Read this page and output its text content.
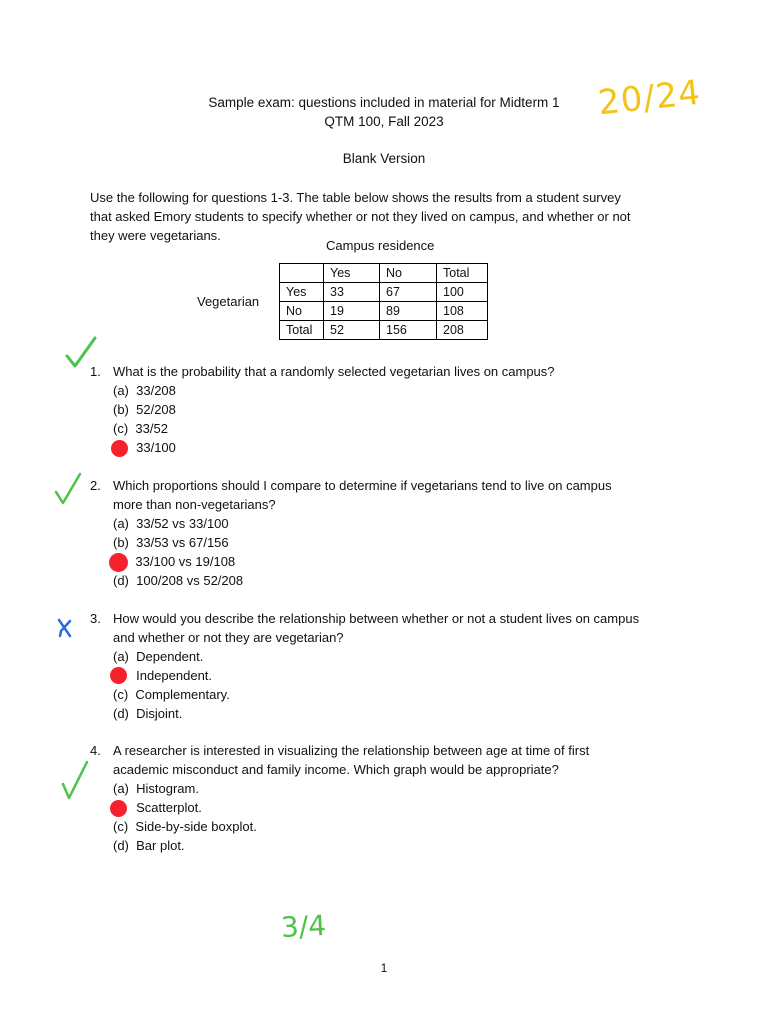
Sample exam: questions included in material for Midterm 1
QTM 100, Fall 2023
Blank Version
20/24
Use the following for questions 1-3. The table below shows the results from a student survey
that asked Emory students to specify whether or not they lived on campus, and whether or not
they were vegetarians.
Campus residence
Vegetarian
	Yes	No	Total
Yes	33	67	100
No	19	89	108
Total	52	156	208
1. What is the probability that a randomly selected vegetarian lives on campus?
(a) 33/208
(b) 52/208
(c) 33/52
33/100
2. Which proportions should I compare to determine if vegetarians tend to live on campus
more than non-vegetarians?
(a) 33/52 vs 33/100
(b) 33/53 vs 67/156
33/100 vs 19/108
(d) 100/208 vs 52/208
3. How would you describe the relationship between whether or not a student lives on campus
and whether or not they are vegetarian?
(a) Dependent.
Independent.
(c) Complementary.
(d) Disjoint.
4. A researcher is interested in visualizing the relationship between age at time of first
academic misconduct and family income. Which graph would be appropriate?
(a) Histogram.
Scatterplot.
(c) Side-by-side boxplot.
(d) Bar plot.
3/4
1
